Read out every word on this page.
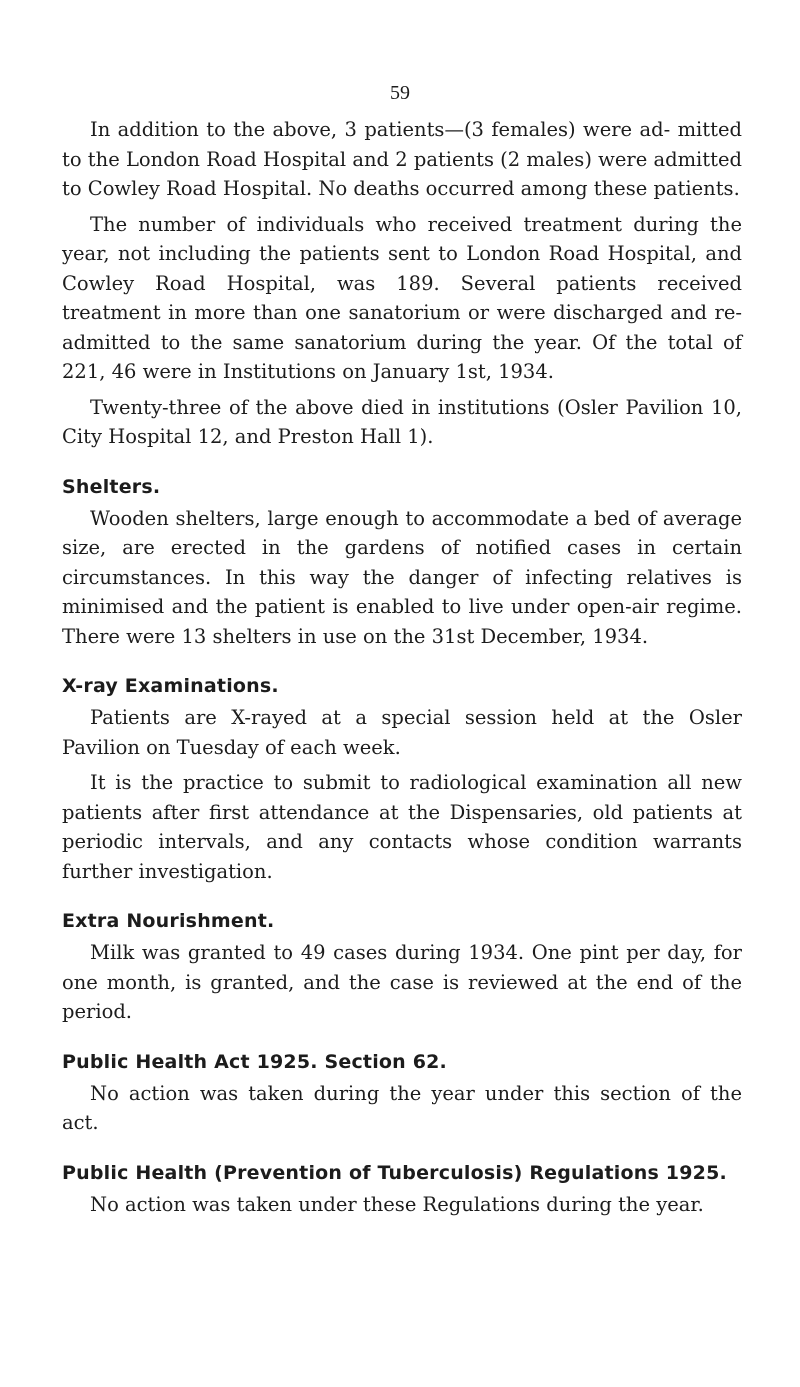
59

In addition to the above, 3 patients—(3 females) were ad- mitted to the London Road Hospital and 2 patients (2 males) were admitted to Cowley Road Hospital. No deaths occurred among these patients.

The number of individuals who received treatment during the year, not including the patients sent to London Road Hospital, and Cowley Road Hospital, was 189. Several patients received treatment in more than one sanatorium or were discharged and re-admitted to the same sanatorium during the year. Of the total of 221, 46 were in Institutions on January 1st, 1934.

Twenty-three of the above died in institutions (Osler Pavilion 10, City Hospital 12, and Preston Hall 1).

Shelters.

Wooden shelters, large enough to accommodate a bed of average size, are erected in the gardens of notified cases in certain circumstances. In this way the danger of infecting relatives is minimised and the patient is enabled to live under open-air regime. There were 13 shelters in use on the 31st December, 1934.

X-ray Examinations.

Patients are X-rayed at a special session held at the Osler Pavilion on Tuesday of each week.

It is the practice to submit to radiological examination all new patients after first attendance at the Dispensaries, old patients at periodic intervals, and any contacts whose condition warrants further investigation.

Extra Nourishment.

Milk was granted to 49 cases during 1934. One pint per day, for one month, is granted, and the case is reviewed at the end of the period.

Public Health Act 1925. Section 62.

No action was taken during the year under this section of the act.

Public Health (Prevention of Tuberculosis) Regulations 1925.

No action was taken under these Regulations during the year.
